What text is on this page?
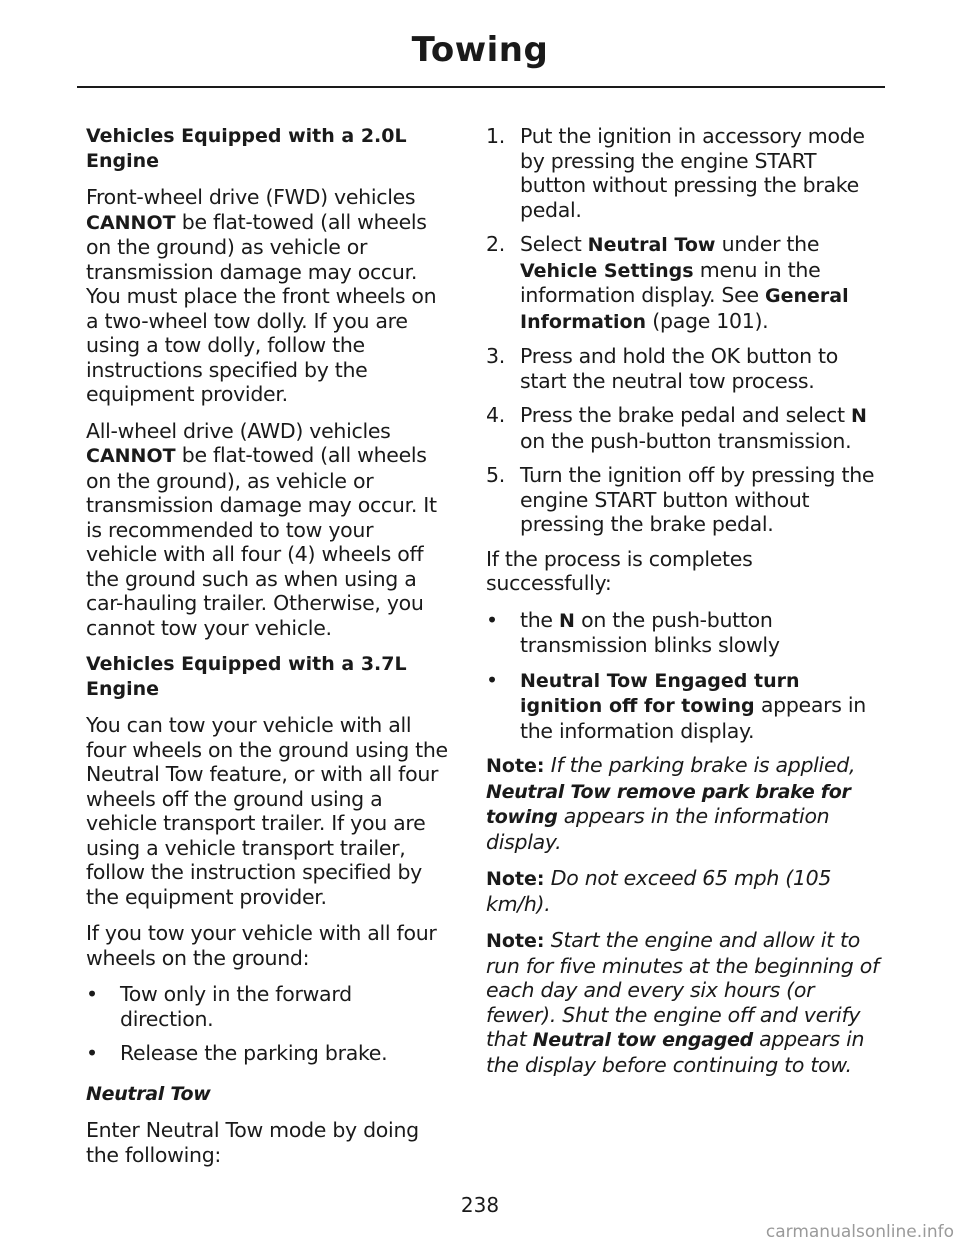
Towing

Vehicles Equipped with a 2.0L Engine

Front-wheel drive (FWD) vehicles CANNOT be flat-towed (all wheels on the ground) as vehicle or transmission damage may occur. You must place the front wheels on a two-wheel tow dolly. If you are using a tow dolly, follow the instructions specified by the equipment provider.

All-wheel drive (AWD) vehicles CANNOT be flat-towed (all wheels on the ground), as vehicle or transmission damage may occur. It is recommended to tow your vehicle with all four (4) wheels off the ground such as when using a car-hauling trailer. Otherwise, you cannot tow your vehicle.

Vehicles Equipped with a 3.7L Engine

You can tow your vehicle with all four wheels on the ground using the Neutral Tow feature, or with all four wheels off the ground using a vehicle transport trailer. If you are using a vehicle transport trailer, follow the instruction specified by the equipment provider.

If you tow your vehicle with all four wheels on the ground:

•	Tow only in the forward direction.
•	Release the parking brake.

Neutral Tow

Enter Neutral Tow mode by doing the following:

1. Put the ignition in accessory mode by pressing the engine START button without pressing the brake pedal.
2. Select Neutral Tow under the Vehicle Settings menu in the information display. See General Information (page 101).
3. Press and hold the OK button to start the neutral tow process.
4. Press the brake pedal and select N on the push-button transmission.
5. Turn the ignition off by pressing the engine START button without pressing the brake pedal.

If the process is completes successfully:

•	the N on the push-button transmission blinks slowly
•	Neutral Tow Engaged turn ignition off for towing appears in the information display.

Note: If the parking brake is applied, Neutral Tow remove park brake for towing appears in the information display.

Note: Do not exceed 65 mph (105 km/h).

Note: Start the engine and allow it to run for five minutes at the beginning of each day and every six hours (or fewer). Shut the engine off and verify that Neutral tow engaged appears in the display before continuing to tow.

238
carmanualsonline.info
